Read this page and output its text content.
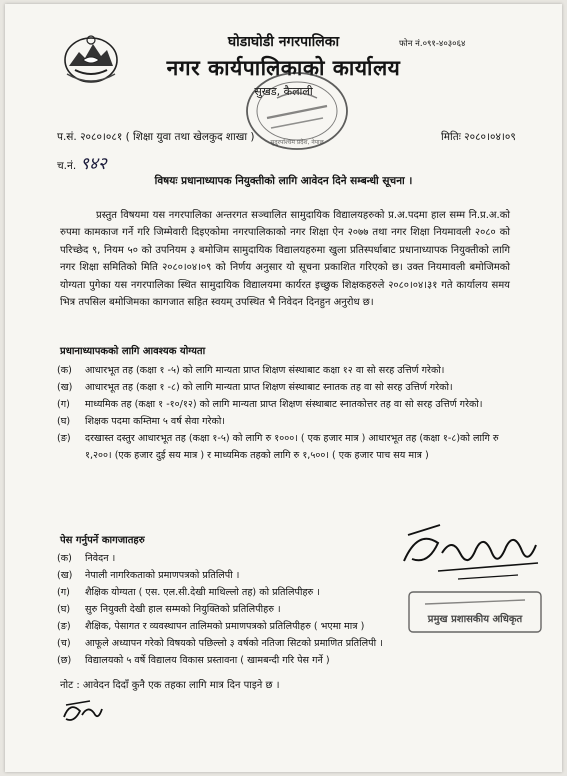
घोडाघोडी नगरपालिका
नगर कार्यपालिकाको कार्यालय
सुखड, कैलाली
फोन नं.०९१-४०३०६४
सुदुरपश्चिम प्रदेश, नेपाल
प.सं. २०८०।०८१ ( शिक्षा युवा तथा खेलकुद शाखा )
च.नं. ९४२
मितिः २०८०।०४।०९
विषयः प्रधानाध्यापक नियुक्तीको लागि आवेदन दिने सम्बन्धी सूचना ।

प्रस्तुत विषयमा यस नगरपालिका अन्तरगत सञ्चालित सामुदायिक विद्यालयहरुको प्र.अ.पदमा हाल सम्म नि.प्र.अ.को रुपमा कामकाज गर्ने गरि जिम्मेवारी दिइएकोमा नगरपालिकाको नगर शिक्षा ऐन २०७७ तथा नगर शिक्षा नियमावली २०८० को परिच्छेद ९, नियम ५० को उपनियम ३ बमोजिम सामुदायिक विद्यालयहरुमा खुला प्रतिस्पर्धाबाट प्रधानाध्यापक नियुक्तीको लागि नगर शिक्षा समितिको मिति २०८०।०४।०९ को निर्णय अनुसार यो सूचना प्रकाशित गरिएको छ। उक्त नियमावली बमोजिमको योग्यता पुगेका यस नगरपालिका स्थित सामुदायिक विद्यालयमा कार्यरत इच्छुक शिक्षकहरुले २०८०।०४।३१ गते कार्यालय समय भित्र तपसिल बमोजिमका कागजात सहित स्वयम् उपस्थित भै निवेदन दिनहुन अनुरोध छ।

प्रधानाध्यापकको लागि आवश्यक योग्यता
(क)	आधारभूत तह (कक्षा १ -५) को लागि मान्यता प्राप्त शिक्षण संस्थाबाट कक्षा १२ वा सो सरह उत्तिर्ण गरेको।
(ख)	आधारभूत तह (कक्षा १ -८) को लागि मान्यता प्राप्त शिक्षण संस्थाबाट स्नातक तह वा सो सरह उत्तिर्ण गरेको।
(ग)	माध्यमिक तह (कक्षा १ -१०/१२) को लागि मान्यता प्राप्त शिक्षण संस्थाबाट स्नातकोत्तर तह वा सो सरह उत्तिर्ण गरेको।
(घ)	शिक्षक पदमा कम्तिमा ५ वर्ष सेवा गरेको।
(ङ)	दरखास्त दस्तुर आधारभूत तह (कक्षा १-५) को लागि रु १०००। ( एक हजार मात्र ) आधारभूत तह (कक्षा १-८)को लागि रु १,२००। (एक हजार दुई सय मात्र ) र माध्यमिक तहको लागि रु १,५००। ( एक हजार पाच सय मात्र )
पेस गर्नुपर्ने कागजातहरु
(क)	निवेदन ।
(ख)	नेपाली नागरिकताको प्रमाणपत्रको प्रतिलिपी ।
(ग)	शैक्षिक योग्यता ( एस. एल.सी.देखी माथिल्लो तह) को प्रतिलिपीहरु ।
(घ)	सुरु नियुक्ती देखी हाल सम्मको नियुक्तिको प्रतिलिपीहरु ।
(ङ)	शैक्षिक, पेसागत र व्यवस्थापन तालिमको प्रमाणपत्रको प्रतिलिपीहरु ( भएमा मात्र )
(च)	आफूले अध्यापन गरेको विषयको पछिल्लो ३ वर्षको नतिजा सिटको प्रमाणित प्रतिलिपी ।
(छ)	विद्यालयको ५ वर्षे विद्यालय विकास प्रस्तावना ( खामबन्दी गरि पेस गर्ने )
प्रमुख प्रशासकीय अधिकृत
नोट : आवेदन दिदाँ कुनै एक तहका लागि मात्र दिन पाइने छ ।
